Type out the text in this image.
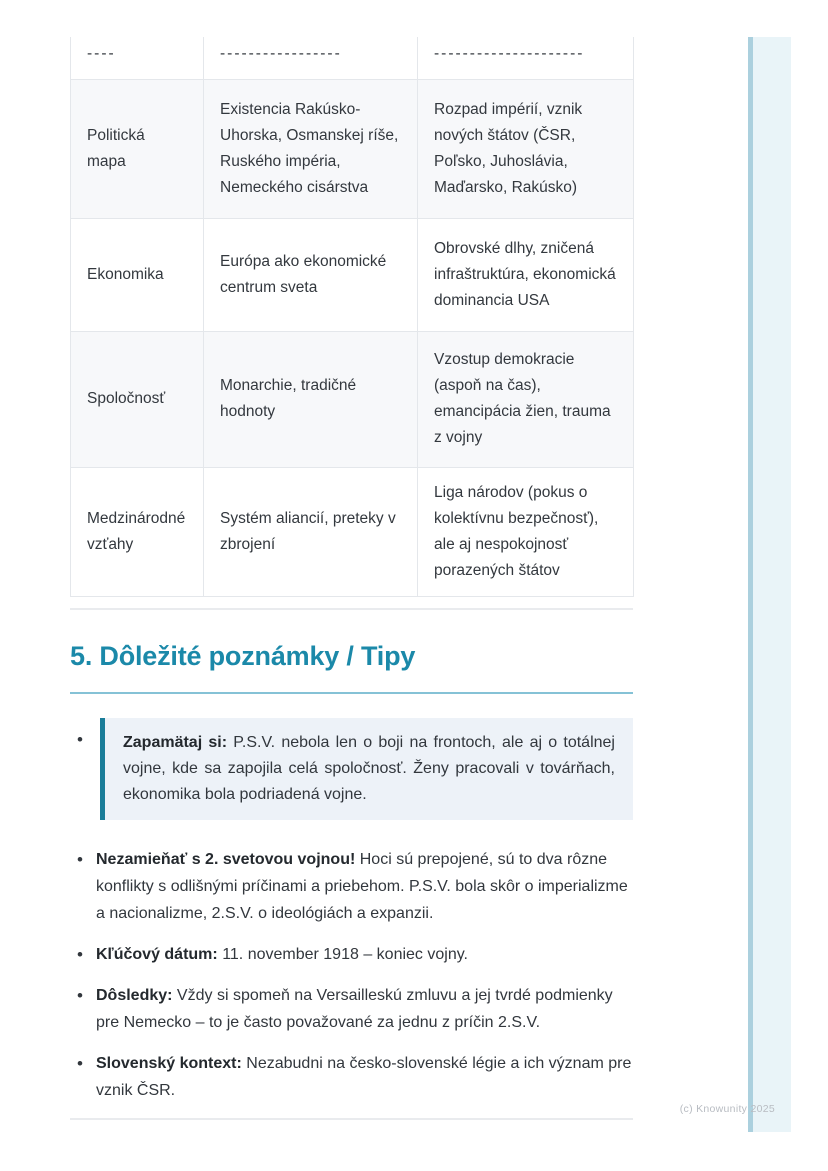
----	-----------------	---------------------
Politická mapa	Existencia Rakúsko-Uhorska, Osmanskej ríše, Ruského impéria, Nemeckého cisárstva	Rozpad impérií, vznik nových štátov (ČSR, Poľsko, Juhoslávia, Maďarsko, Rakúsko)
Ekonomika	Európa ako ekonomické centrum sveta	Obrovské dlhy, zničená infraštruktúra, ekonomická dominancia USA
Spoločnosť	Monarchie, tradičné hodnoty	Vzostup demokracie (aspoň na čas), emancipácia žien, trauma z vojny
Medzinárodné vzťahy	Systém aliancií, preteky v zbrojení	Liga národov (pokus o kolektívnu bezpečnosť), ale aj nespokojnosť porazených štátov
5. Dôležité poznámky / Tipy
• Zapamätaj si: P.S.V. nebola len o boji na frontoch, ale aj o totálnej vojne, kde sa zapojila celá spoločnosť. Ženy pracovali v továrňach, ekonomika bola podriadená vojne.
• Nezamieňať s 2. svetovou vojnou! Hoci sú prepojené, sú to dva rôzne konflikty s odlišnými príčinami a priebehom. P.S.V. bola skôr o imperializme a nacionalizme, 2.S.V. o ideológiách a expanzii.
• Kľúčový dátum: 11. november 1918 – koniec vojny.
• Dôsledky: Vždy si spomeň na Versailleskú zmluvu a jej tvrdé podmienky pre Nemecko – to je často považované za jednu z príčin 2.S.V.
• Slovenský kontext: Nezabudni na česko-slovenské légie a ich význam pre vznik ČSR.
(c) Knowunity 2025
